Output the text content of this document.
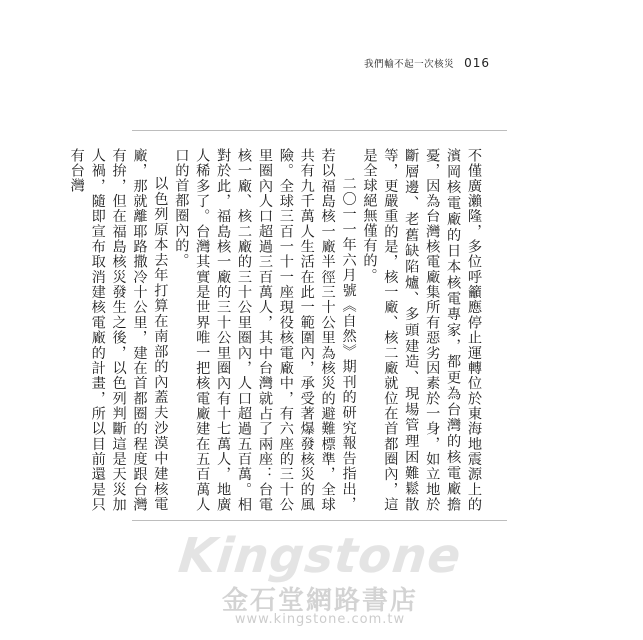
我們輸不起一次核災 016

不僅廣瀨隆，多位呼籲應停止運轉位於東海地震源上的濱岡核電廠的日本核電專家，都更為台灣的核電廠擔憂，因為台灣核電廠集所有惡劣因素於一身，如立地於斷層邊、老舊缺陷爐、多頭建造、現場管理困難鬆散等，更嚴重的是，核一廠、核二廠就位在首都圈內，這是全球絕無僅有的。

二〇一一年六月號《自然》期刊的研究報告指出，若以福島核一廠半徑三十公里為核災的避難標準，全球共有九千萬人生活在此一範圍內，承受著爆發核災的風險。全球三百一十一座現役核電廠中，有六座的三十公里圈內人口超過三百萬人，其中台灣就占了兩座：台電核一廠、核二廠的三十公里圈內，人口超過五百萬。相對於此，福島核一廠的三十公里圈內有十七萬人，地廣人稀多了。台灣其實是世界唯一把核電廠建在五百萬人口的首都圈內的。

以色列原本去年打算在南部的內蓋夫沙漠中建核電廠，那就離耶路撒冷十公里，建在首都圈的程度跟台灣有拚，但在福島核災發生之後，以色列判斷這是天災加人禍，隨即宣布取消建核電廠的計畫，所以目前還是只有台灣

Kingstone
金石堂網路書店
www.kingstone.com.tw
